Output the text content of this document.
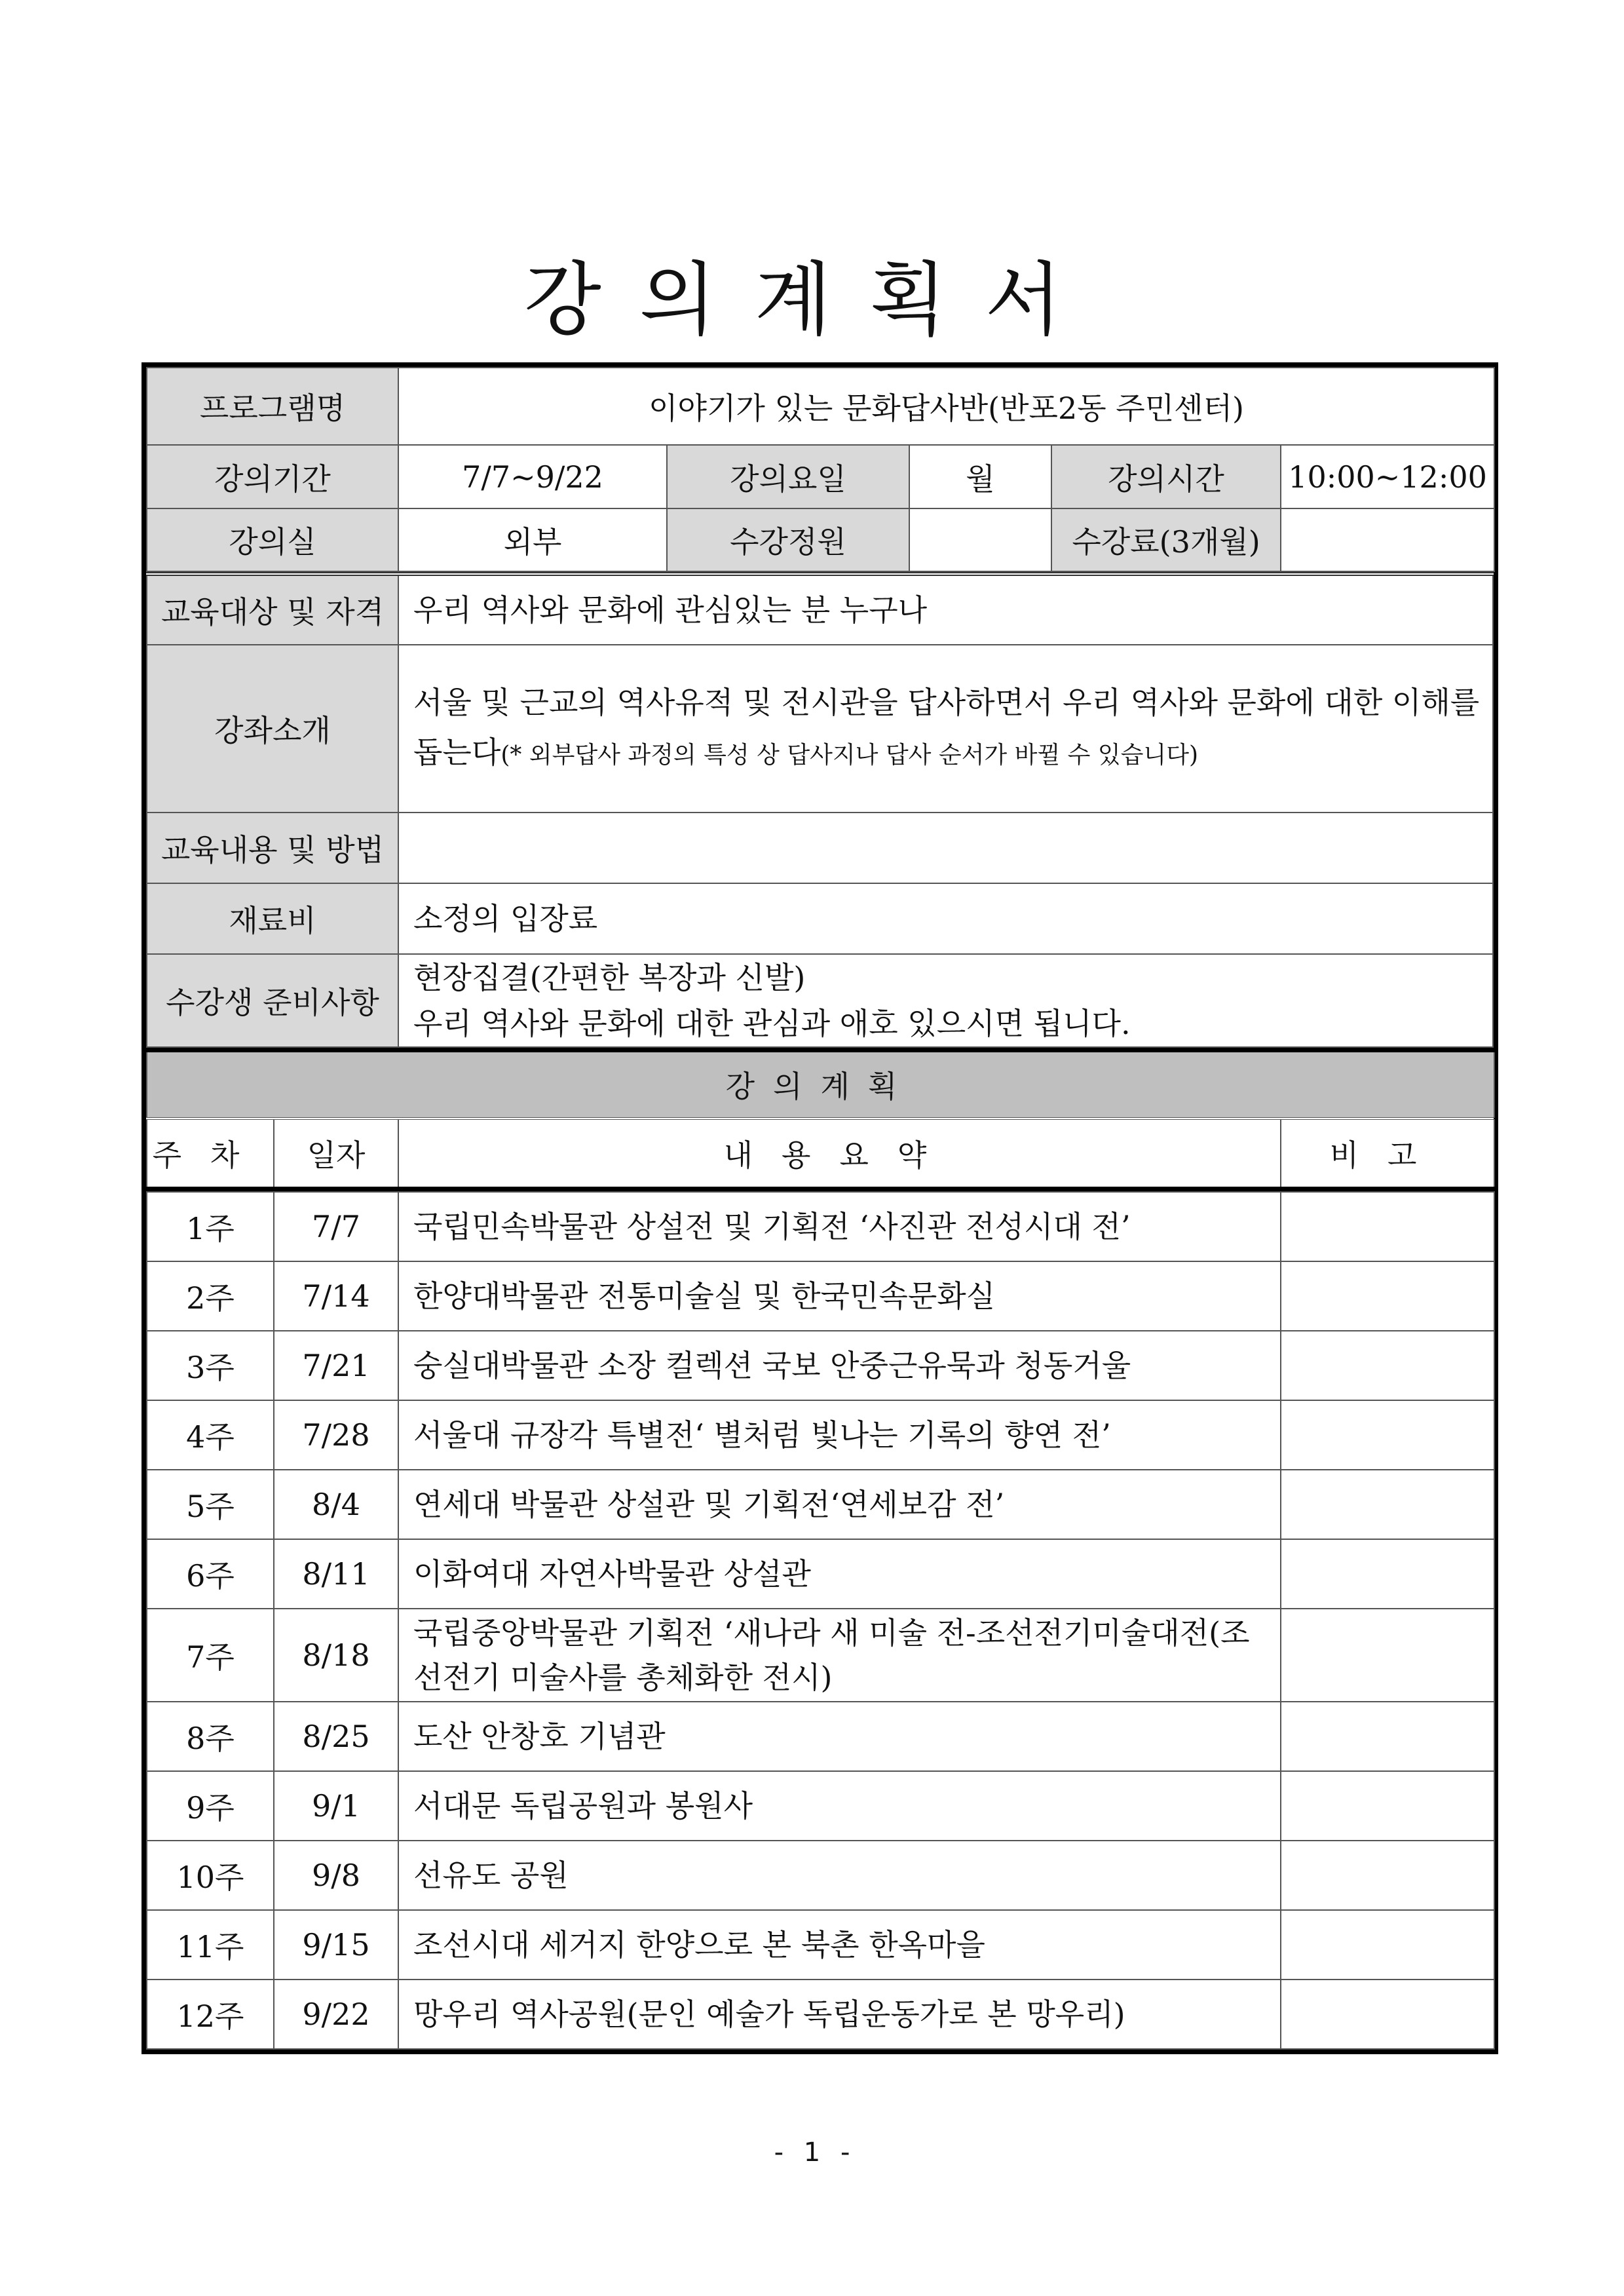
강의계획서
프로그램명	이야기가 있는 문화답사반(반포2동 주민센터)				
강의기간	7/7~9/22	강의요일	월	강의시간	10:00~12:00
강의실	외부	수강정원		수강료(3개월)	
교육대상 및 자격	우리 역사와 문화에 관심있는 분 누구나
강좌소개	서울 및 근교의 역사유적 및 전시관을 답사하면서 우리 역사와 문화에 대한 이해를 돕는다(* 외부답사 과정의 특성 상 답사지나 답사 순서가 바뀔 수 있습니다)
교육내용 및 방법	
재료비	소정의 입장료
수강생 준비사항	현장집결(간편한 복장과 신발)
우리 역사와 문화에 대한 관심과 애호 있으시면 됩니다.
강의계획
주차	일자	내용요약	비고
1주	7/7	국립민속박물관 상설전 및 기획전 ‘사진관 전성시대 전’	
2주	7/14	한양대박물관 전통미술실 및 한국민속문화실	
3주	7/21	숭실대박물관 소장 컬렉션 국보 안중근유묵과 청동거울	
4주	7/28	서울대 규장각 특별전‘ 별처럼 빛나는 기록의 향연 전’	
5주	8/4	연세대 박물관 상설관 및 기획전‘연세보감 전’	
6주	8/11	이화여대 자연사박물관 상설관	
7주	8/18	국립중앙박물관 기획전 ‘새나라 새 미술 전-조선전기미술대전(조선전기 미술사를 총체화한 전시)	
8주	8/25	도산 안창호 기념관	
9주	9/1	서대문 독립공원과 봉원사	
10주	9/8	선유도 공원	
11주	9/15	조선시대 세거지 한양으로 본 북촌 한옥마을	
12주	9/22	망우리 역사공원(문인 예술가 독립운동가로 본 망우리)	
- 1 -
